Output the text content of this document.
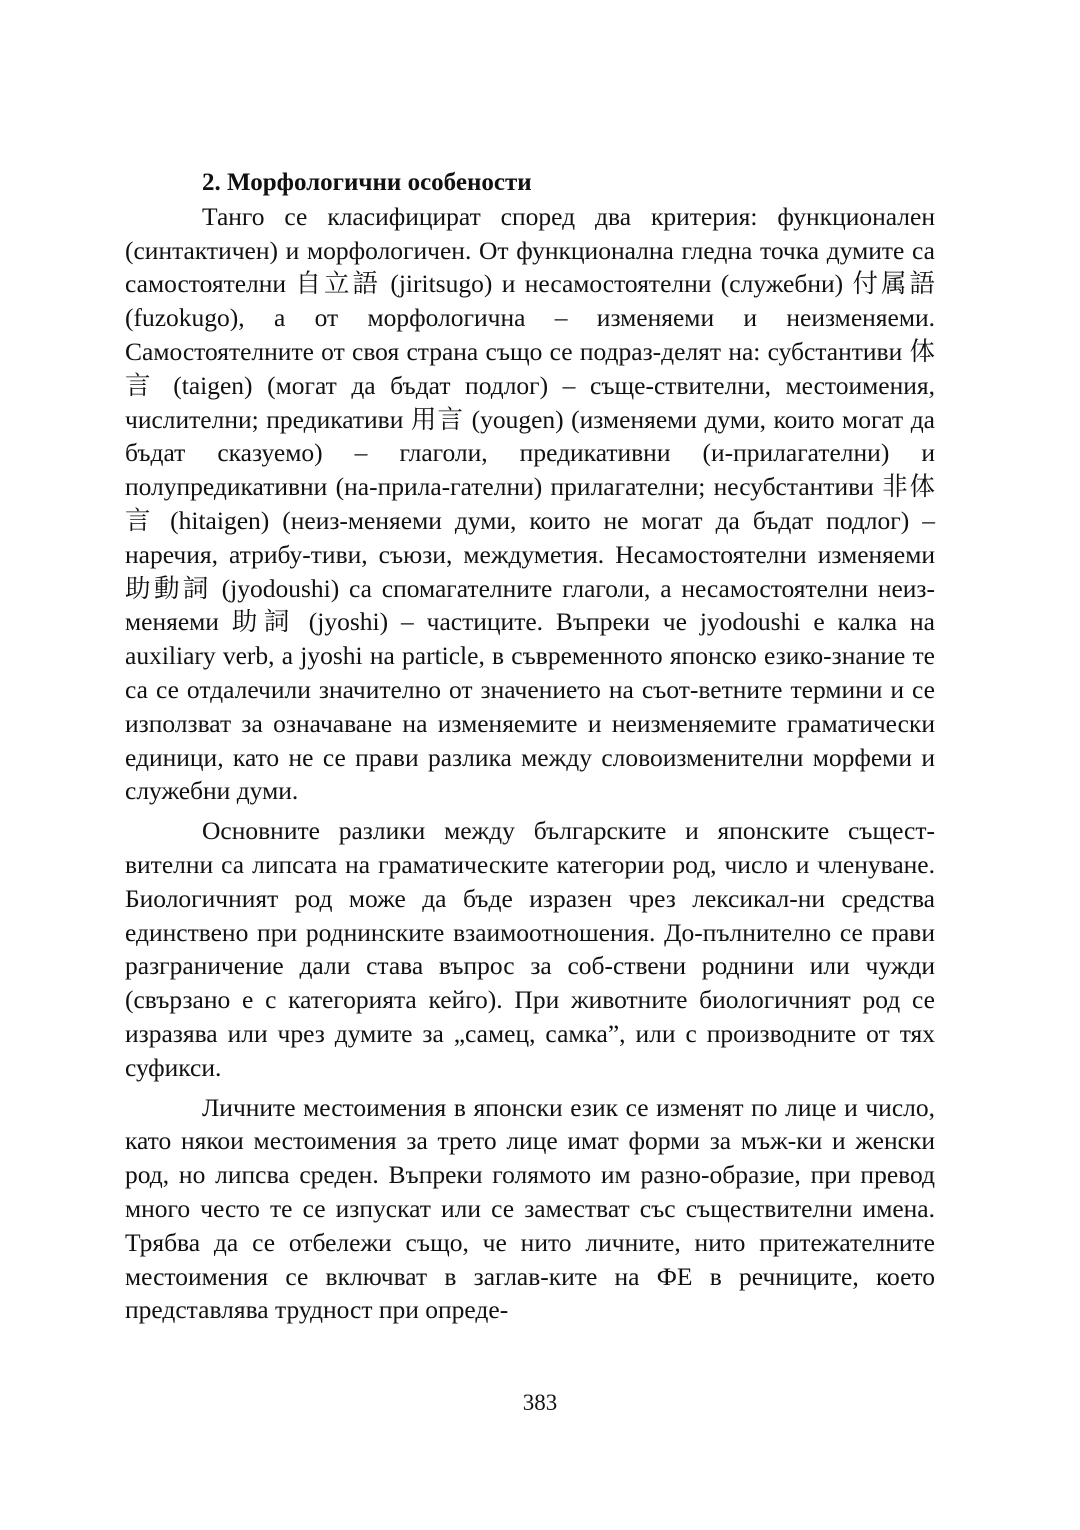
2. Морфологични особености

Танго се класифицират според два критерия: функционален (синтактичен) и морфологичен. От функционална гледна точка думите са самостоятелни 自立語 (jiritsugo) и несамостоятелни (служебни) 付属語 (fuzokugo), а от морфологична – изменяеми и неизменяеми. Самостоятелните от своя страна също се подраз-делят на: субстантиви 体言 (taigen) (могат да бъдат подлог) – съще-ствителни, местоимения, числителни; предикативи 用言 (yougen) (изменяеми думи, които могат да бъдат сказуемо) – глаголи, предикативни (и-прилагателни) и полупредикативни (на-прила-гателни) прилагателни; несубстантиви 非体言 (hitaigen) (неиз-меняеми думи, които не могат да бъдат подлог) – наречия, атрибу-тиви, съюзи, междуметия. Несамостоятелни изменяеми 助動詞 (jyodoushi) са спомагателните глаголи, а несамостоятелни неиз-меняеми 助詞 (jyoshi) – частиците. Въпреки че jyodoushi е калка на auxiliary verb, а jyoshi на particle, в съвременното японско езико-знание те са се отдалечили значително от значението на съот-ветните термини и се използват за означаване на изменяемите и неизменяемите граматически единици, като не се прави разлика между словоизменителни морфеми и служебни думи.

Основните разлики между българските и японските същест-вителни са липсата на граматическите категории род, число и членуване. Биологичният род може да бъде изразен чрез лексикал-ни средства единствено при роднинските взаимоотношения. До-пълнително се прави разграничение дали става въпрос за соб-ствени роднини или чужди (свързано е с категорията кейго). При животните биологичният род се изразява или чрез думите за „самец, самка”, или с производните от тях суфикси.

Личните местоимения в японски език се изменят по лице и число, като някои местоимения за трето лице имат форми за мъж-ки и женски род, но липсва среден. Въпреки голямото им разно-образие, при превод много често те се изпускат или се заместват със съществителни имена. Трябва да се отбележи също, че нито личните, нито притежателните местоимения се включват в заглав-ките на ФЕ в речниците, което представлява трудност при опреде-

383
